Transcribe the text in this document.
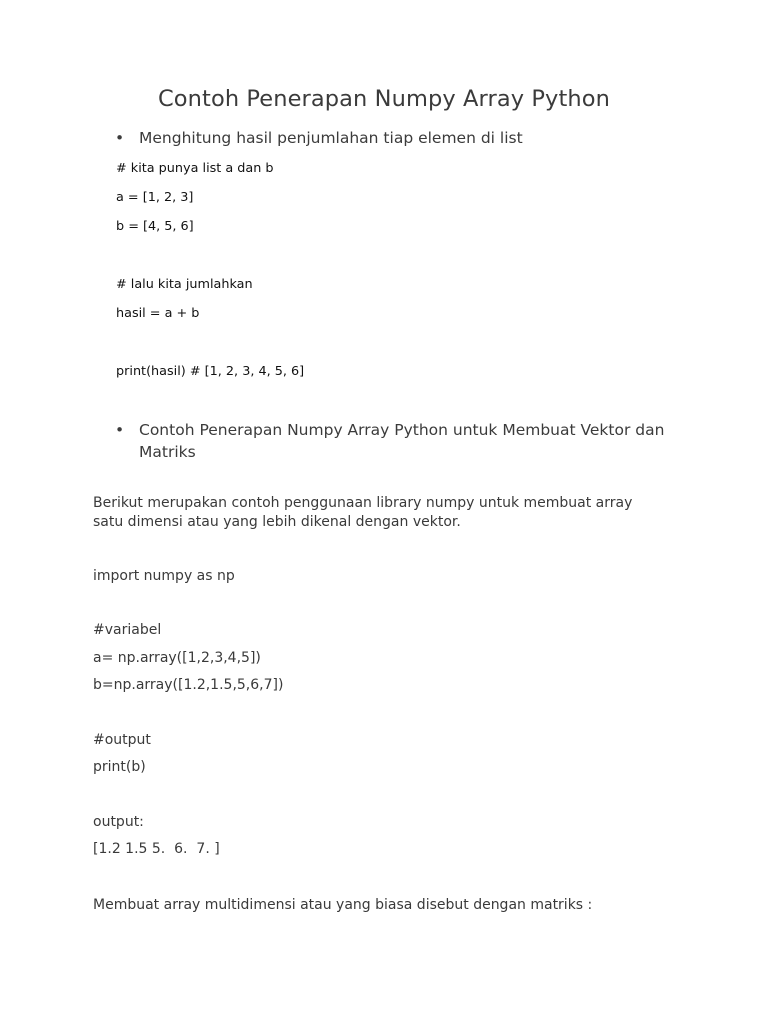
Contoh Penerapan Numpy Array Python
• Menghitung hasil penjumlahan tiap elemen di list

# kita punya list a dan b

a = [1, 2, 3]

b = [4, 5, 6]

# lalu kita jumlahkan

hasil = a + b

print(hasil) # [1, 2, 3, 4, 5, 6]

• Contoh Penerapan Numpy Array Python untuk Membuat Vektor dan Matriks

Berikut merupakan contoh penggunaan library numpy untuk membuat array satu dimensi atau yang lebih dikenal dengan vektor.

import numpy as np

#variabel

a= np.array([1,2,3,4,5])

b=np.array([1.2,1.5,5,6,7])

#output

print(b)

output:

[1.2 1.5 5.  6.  7. ]

Membuat array multidimensi atau yang biasa disebut dengan matriks :
